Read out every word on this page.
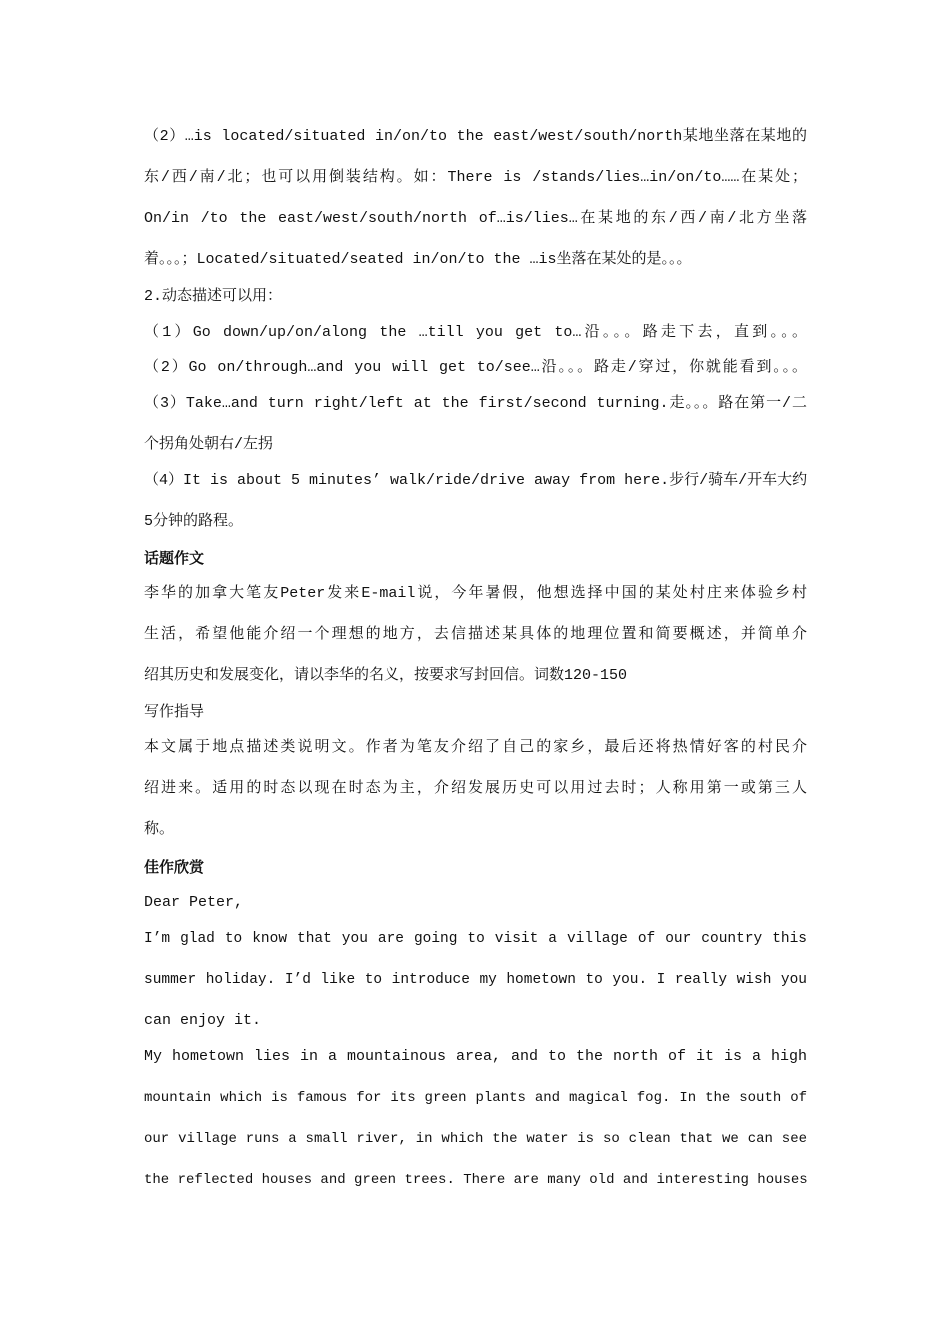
（2）…is located/situated in/on/to the east/west/south/north某地坐落在某地的
东/西/南/北；也可以用倒装结构。如：There is /stands/lies…in/on/to……在某处；
On/in /to the east/west/south/north of…is/lies…在某地的东/西/南/北方坐落
着。。。；Located/situated/seated in/on/to the …is坐落在某处的是。。。
2.动态描述可以用：
（1）Go down/up/on/along the …till you get to…沿。。。路走下去，直到。。。
（2）Go on/through…and you will get to/see…沿。。。路走/穿过，你就能看到。。。
（3）Take…and turn right/left at the first/second turning.走。。。路在第一/二
个拐角处朝右/左拐
（4）It is about 5 minutes’ walk/ride/drive away from here.步行/骑车/开车大约
5分钟的路程。
话题作文
李华的加拿大笔友Peter发来E-mail说，今年暑假，他想选择中国的某处村庄来体验乡村
生活，希望他能介绍一个理想的地方，去信描述某具体的地理位置和简要概述，并简单介
绍其历史和发展变化，请以李华的名义，按要求写封回信。词数120-150
写作指导
本文属于地点描述类说明文。作者为笔友介绍了自己的家乡，最后还将热情好客的村民介
绍进来。适用的时态以现在时态为主，介绍发展历史可以用过去时；人称用第一或第三人
称。
佳作欣赏
Dear Peter,
I’m glad to know that you are going to visit a village of our country this
summer holiday. I’d like to introduce my hometown to you. I really wish you
can enjoy it.
My hometown lies in a mountainous area, and to the north of it is a high
mountain which is famous for its green plants and magical fog. In the south of
our village runs a small river, in which the water is so clean that we can see
the reflected houses and green trees. There are many old and interesting houses
